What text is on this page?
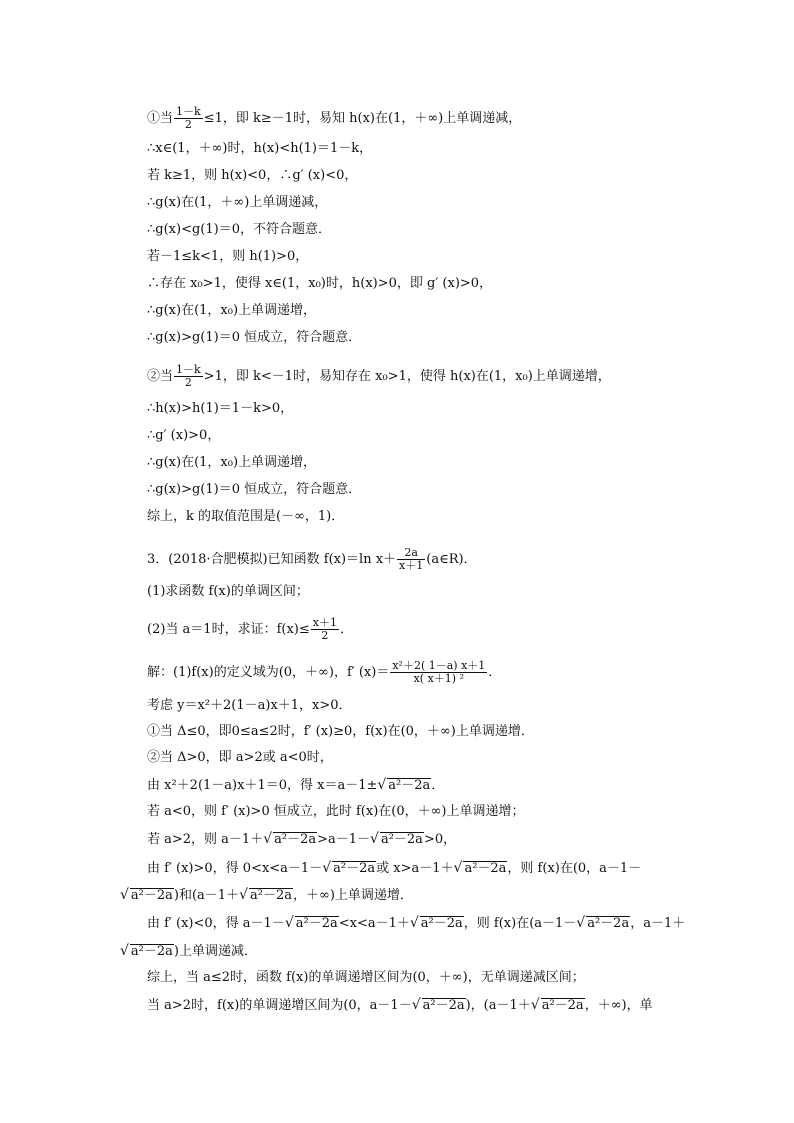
①当 $\frac{1-k}{2} \le 1$，即 k≥－1时，易知 h(x)在(1，＋∞)上单调递减，
∴x∈(1，＋∞)时，h(x)<h(1)＝1－k，
若 k≥1，则 h(x)<0，∴g′ (x)<0，
∴g(x)在(1，＋∞)上单调递减，
∴g(x)<g(1)＝0，不符合题意．
若－1≤k<1，则 h(1)>0，
∴存在 x₀>1，使得 x∈(1，x₀)时，h(x)>0，即 g′ (x)>0，
∴g(x)在(1，x₀)上单调递增，
∴g(x)>g(1)＝0 恒成立，符合题意．
②当 $\frac{1-k}{2} >1$，即 k<－1时，易知存在 x₀>1，使得 h(x)在(1，x₀)上单调递增，
∴h(x)>h(1)＝1－k>0，
∴g′ (x)>0，
∴g(x)在(1，x₀)上单调递增，
∴g(x)>g(1)＝0 恒成立，符合题意．
综上，k 的取值范围是(－∞，1)．
3．(2018·合肥模拟)已知函数 f(x)＝ln $x+ \frac{2a}{x+1}$ (a∈R)．
(1)求函数 f(x)的单调区间；
(2)当 a＝1时，求证：$f(x)\le \frac{x+1}{2}$ ．
解：(1)f(x)的定义域为(0，＋∞)，f′ $(x)= \frac{\text{x²＋2( 1－a) x＋1}}{\text{x( x＋1) ²}}$ ．
考虑 y＝x²＋2(1－a)x＋1，x>0．
①当 Δ≤0，即0≤a≤2时，f′ (x)≥0，f(x)在(0，＋∞)上单调递增．
②当 Δ>0，即 a>2或 a<0时，
由 x²＋2(1－a)x＋1＝0，得 x＝a－1±√ a²－2a．
若 a<0，则 f′ (x)>0 恒成立，此时 f(x)在(0，＋∞)上单调递增；
若 a>2，则 a－1＋√ a²－2a>a－1－√ a²－2a>0，
由 f′ (x)>0，得 0<x<a－1－√ a²－2a或 x>a－1＋√ a²－2a，则 f(x)在(0，a－1－
√ a²－2a)和(a－1＋√ a²－2a，＋∞)上单调递增．
由 f′ (x)<0，得 a－1－√ a²－2a<x<a－1＋√ a²－2a，则 f(x)在(a－1－√ a²－2a，a－1＋
√ a²－2a)上单调递减．
综上，当 a≤2时，函数 f(x)的单调递增区间为(0，＋∞)，无单调递减区间；
当 a>2时，f(x)的单调递增区间为(0，a－1－√ a²－2a)，(a－1＋√ a²－2a，＋∞)，单
